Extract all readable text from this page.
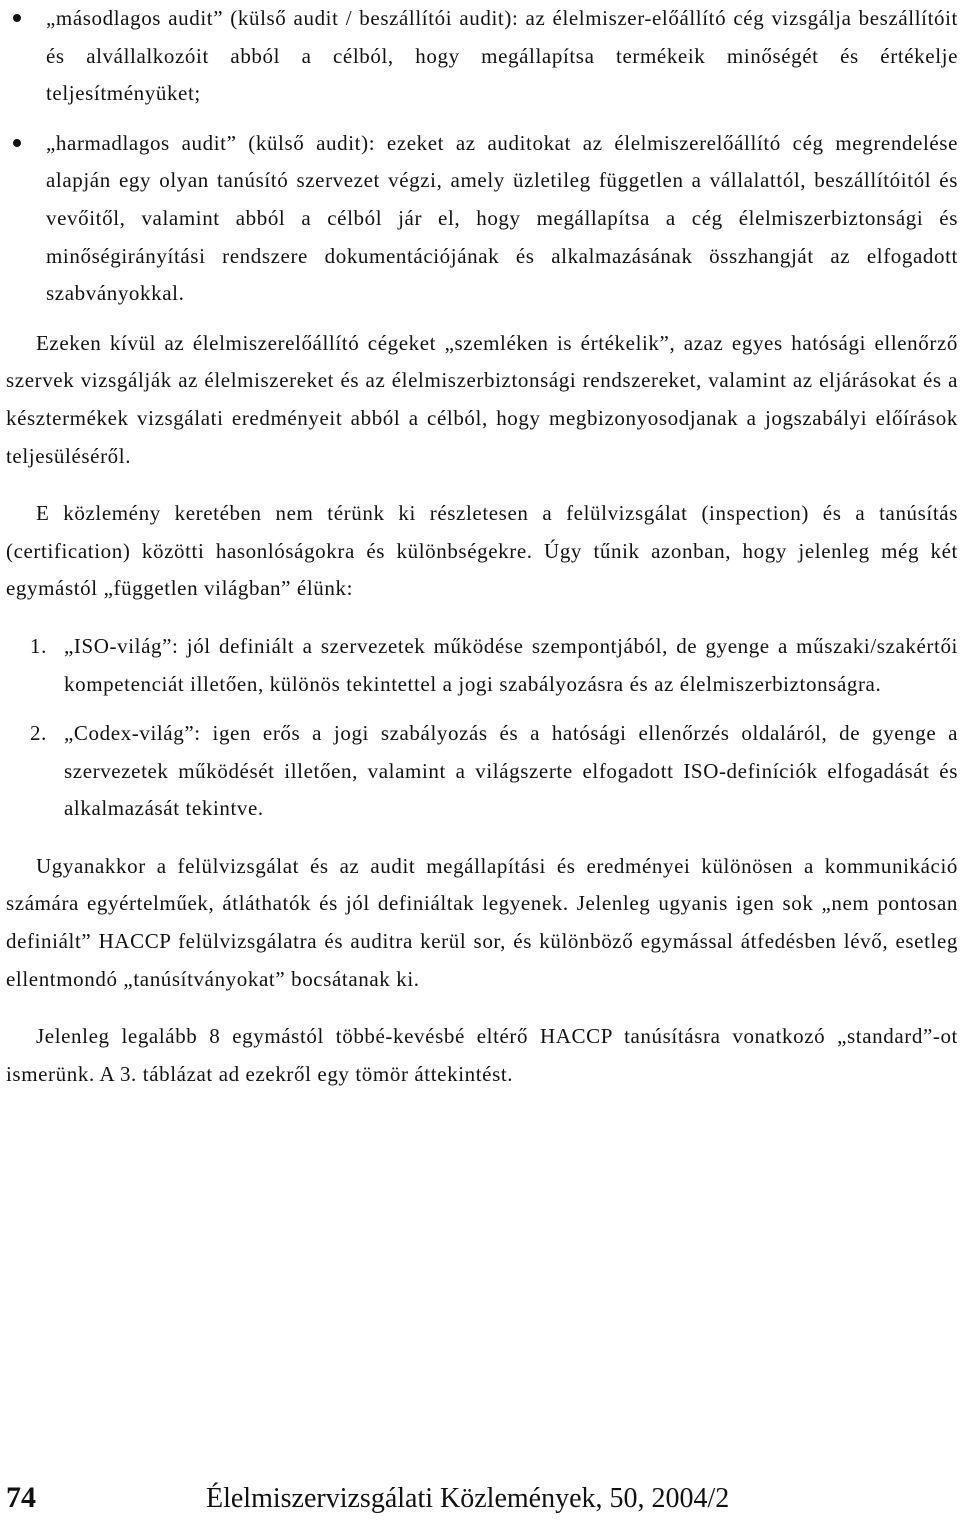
„másodlagos audit” (külső audit / beszállítói audit): az élelmiszer-előállító cég vizsgálja beszállítóit és alvállalkozóit abból a célból, hogy megállapítsa termékeik minőségét és értékelje teljesítményüket;
„harmadlagos audit” (külső audit): ezeket az auditokat az élelmiszerelőállító cég megrendelése alapján egy olyan tanúsító szervezet végzi, amely üzletileg független a vállalattól, beszállítóitól és vevőitől, valamint abból a célból jár el, hogy megállapítsa a cég élelmiszerbiztonsági és minőségirányítási rendszere dokumentációjának és alkalmazásának összhangját az elfogadott szabványokkal.

Ezeken kívül az élelmiszerelőállító cégeket „szemléken is értékelik”, azaz egyes hatósági ellenőrző szervek vizsgálják az élelmiszereket és az élelmiszerbiztonsági rendszereket, valamint az eljárásokat és a késztermékek vizsgálati eredményeit abból a célból, hogy megbizonyosodjanak a jogszabályi előírások teljesüléséről.

E közlemény keretében nem térünk ki részletesen a felülvizsgálat (inspection) és a tanúsítás (certification) közötti hasonlóságokra és különbségekre. Úgy tűnik azonban, hogy jelenleg még két egymástól „független világban” élünk:

1. „ISO-világ”: jól definiált a szervezetek működése szempontjából, de gyenge a műszaki/szakértői kompetenciát illetően, különös tekintettel a jogi szabályozásra és az élelmiszerbiztonságra.
2. „Codex-világ”: igen erős a jogi szabályozás és a hatósági ellenőrzés oldaláról, de gyenge a szervezetek működését illetően, valamint a világszerte elfogadott ISO-definíciók elfogadását és alkalmazását tekintve.

Ugyanakkor a felülvizsgálat és az audit megállapítási és eredményei különösen a kommunikáció számára egyértelműek, átláthatók és jól definiáltak legyenek. Jelenleg ugyanis igen sok „nem pontosan definiált” HACCP felülvizsgálatra és auditra kerül sor, és különböző egymással átfedésben lévő, esetleg ellentmondó „tanúsítványokat” bocsátanak ki.

Jelenleg legalább 8 egymástól többé-kevésbé eltérő HACCP tanúsításra vonatkozó „standard”-ot ismerünk. A 3. táblázat ad ezekről egy tömör áttekintést.

74	Élelmiszervizsgálati Közlemények, 50, 2004/2
